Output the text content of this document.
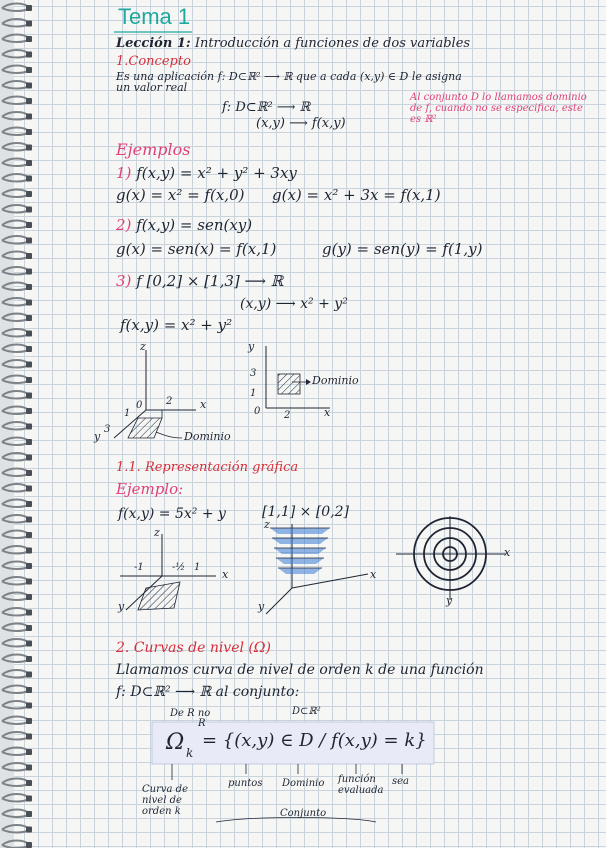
Tema 1
Lección 1: Introducción a funciones de dos variables
1.Concepto
Es una aplicación f: D⊂ℝ² ⟶ ℝ que a cada (x,y) ∈ D le asigna
un valor real
f: D⊂ℝ² ⟶ ℝ
(x,y) ⟶ f(x,y)
Al conjunto D lo llamamos dominio de f, cuando no se especifica, este es ℝ²
Ejemplos
1) f(x,y) = x² + y² + 3xy
g(x) = x² = f(x,0) g(x) = x² + 3x = f(x,1)
2) f(x,y) = sen(xy)
g(x) = sen(x) = f(x,1)	g(y) = sen(y) = f(1,y)
3) f [0,2] × [1,3] ⟶ ℝ
(x,y) ⟶ x² + y²
f(x,y) = x² + y²
z
x
y
0 2
1
3
Dominio
y
3
1
0 2	x
Dominio
1.1. Representación gráfica
Ejemplo:
f(x,y) = 5x² + y	[1,1] × [0,2]
z
x
y
-1	-½ 1
z
x
y
x
y
2. Curvas de nivel (Ω)
Llamamos curva de nivel de orden k de una función
f: D⊂ℝ² ⟶ ℝ al conjunto:
De R no
R
D⊂ℝ²
Ω k
= {(x,y) ∈ D / f(x,y) = k}
Curva de nivel de orden k
puntos Dominio función evaluada
sea
Conjunto
